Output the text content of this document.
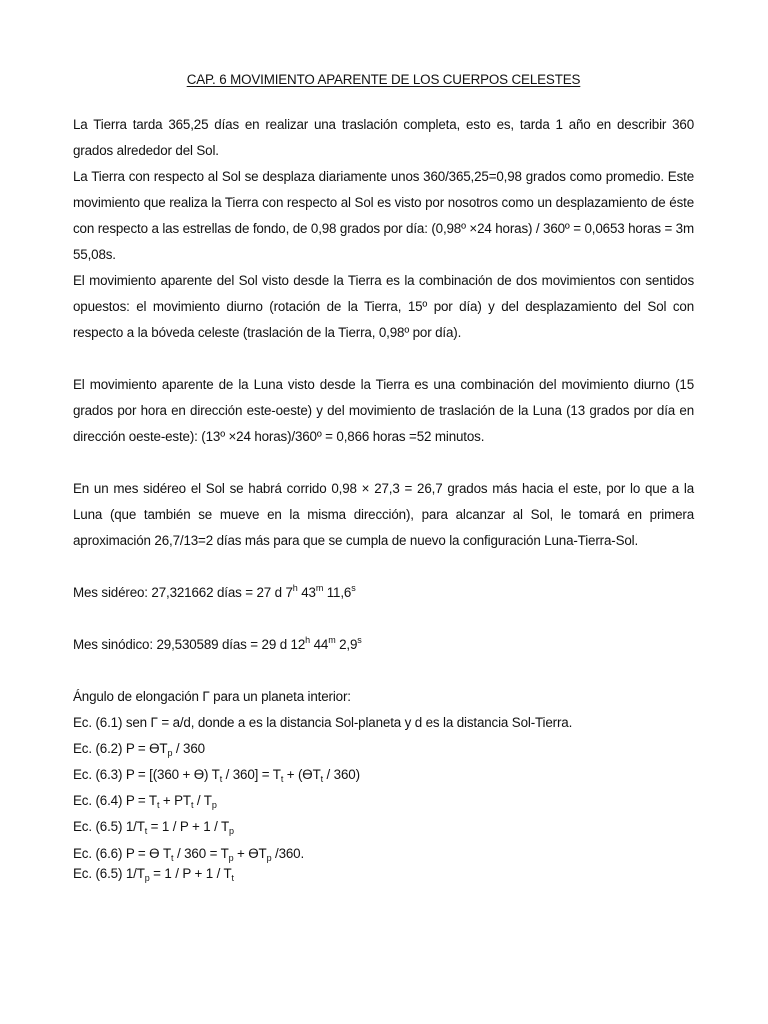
CAP. 6 MOVIMIENTO APARENTE DE LOS CUERPOS CELESTES

La Tierra tarda 365,25 días en realizar una traslación completa, esto es, tarda 1 año en describir 360 grados alrededor del Sol.

La Tierra con respecto al Sol se desplaza diariamente unos 360/365,25=0,98 grados como promedio. Este movimiento que realiza la Tierra con respecto al Sol es visto por nosotros como un desplazamiento de éste con respecto a las estrellas de fondo, de 0,98 grados por día: (0,98º ×24 horas) / 360º = 0,0653 horas = 3m 55,08s.

El movimiento aparente del Sol visto desde la Tierra es la combinación de dos movimientos con sentidos opuestos: el movimiento diurno (rotación de la Tierra, 15º por día) y del desplazamiento del Sol con respecto a la bóveda celeste (traslación de la Tierra, 0,98º por día).

El movimiento aparente de la Luna visto desde la Tierra es una combinación del movimiento diurno (15 grados por hora en dirección este-oeste) y del movimiento de traslación de la Luna (13 grados por día en dirección oeste-este): (13º ×24 horas)/360º = 0,866 horas =52 minutos.

En un mes sidéreo el Sol se habrá corrido 0,98 × 27,3 = 26,7 grados más hacia el este, por lo que a la Luna (que también se mueve en la misma dirección), para alcanzar al Sol, le tomará en primera aproximación 26,7/13=2 días más para que se cumpla de nuevo la configuración Luna-Tierra-Sol.

Mes sidéreo: 27,321662 días = 27 d 7$^h$ 43$^m$ 11,6$^s$
Mes sinódico: 29,530589 días = 29 d 12$^h$ 44$^m$ 2,9$^s$
Ángulo de elongación Γ para un planeta interior:
Ec. (6.1) sen Γ = a/d, donde a es la distancia Sol-planeta y d es la distancia Sol-Tierra.
Ec. (6.2) $P = ϴT_p / 360$
Ec. (6.3) P = [(360 + ϴ) $T_t / 360] = T_t + (ϴT_t / 360)$
Ec. (6.4) $P = T_t + PT_t / T_p$
Ec. (6.5) $1/T_t = 1 / P + 1 / T_p$
Ec. (6.6) P = ϴ $T_t / 360 = T_p + ϴT_p$ /360.
Ec. (6.5) $1/T_p = 1 / P + 1 / T_t$
